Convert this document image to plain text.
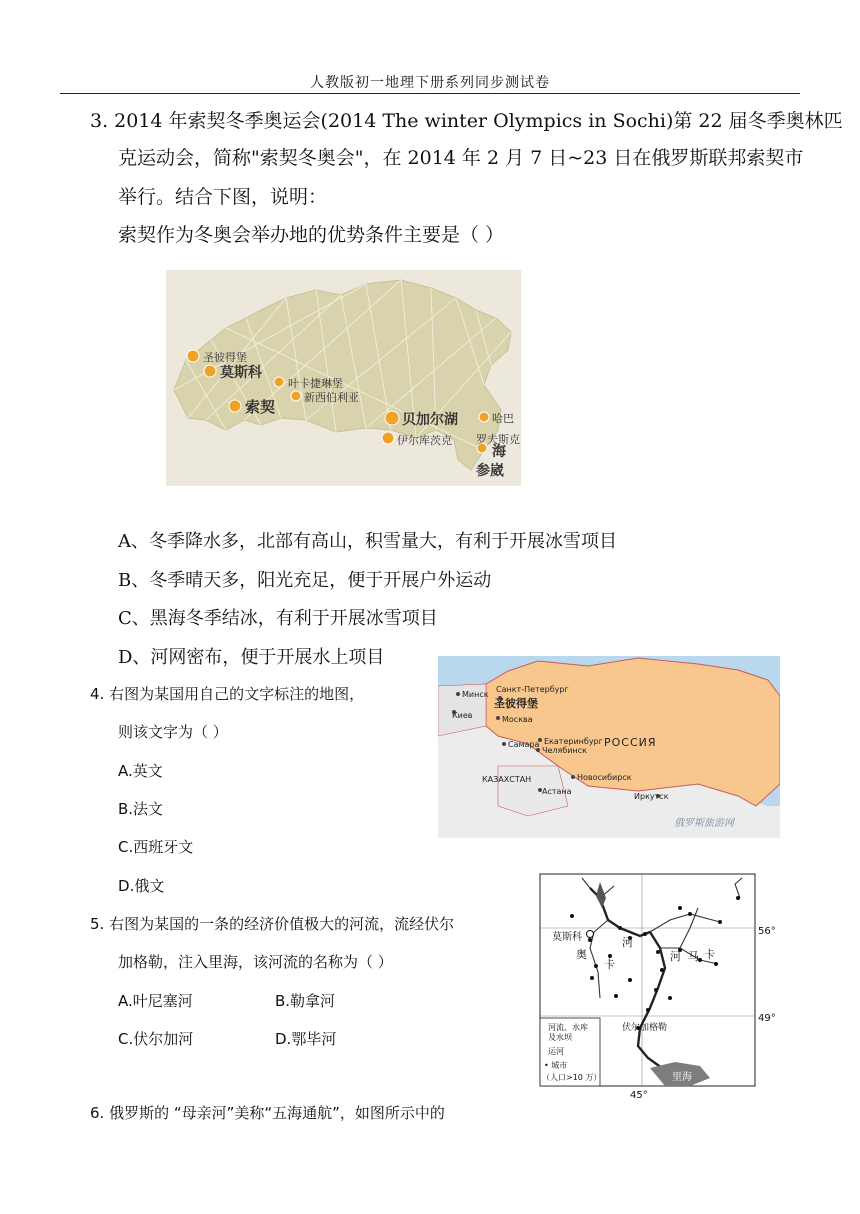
人教版初一地理下册系列同步测试卷
3. 2014 年索契冬季奥运会(2014 The winter Olympics in Sochi)第 22 届冬季奥林匹
克运动会，简称"索契冬奥会"，在 2014 年 2 月 7 日~23 日在俄罗斯联邦索契市
举行。结合下图，说明：
索契作为冬奥会举办地的优势条件主要是（ ）
圣彼得堡
莫斯科
叶卡捷琳堡
新西伯利亚
索契
贝加尔湖
伊尔库茨克
哈巴
罗夫斯克
海
参崴
A、冬季降水多，北部有高山，积雪量大，有利于开展冰雪项目
B、冬季晴天多，阳光充足，便于开展户外运动
C、黑海冬季结冰，有利于开展冰雪项目
D、河网密布，便于开展水上项目
4. 右图为某国用自己的文字标注的地图，
则该文字为（ ）
A.英文
B.法文
C.西班牙文
D.俄文
Минск
Санкт-Петербург
圣彼得堡
Киев	Москва
Самара Екатеринбург
Челябинск
РОССИЯ
КАЗАХСТАН	Новосибирск
Астана
Иркутск
俄罗斯旅游网
5. 右图为某国的一条的经济价值极大的河流，流经伏尔
加格勒，注入里海，该河流的名称为（ ）
A.叶尼塞河	B.勒拿河
C.伏尔加河	D.鄂毕河
莫斯科
56°
49°
45°
伏尔加格勒
里海
奥
卡
河
河 马 卡
河流、水库
及水坝
运河
• 城市
（人口>10 万）
6. 俄罗斯的 “母亲河”美称“五海通航”，如图所示中的
